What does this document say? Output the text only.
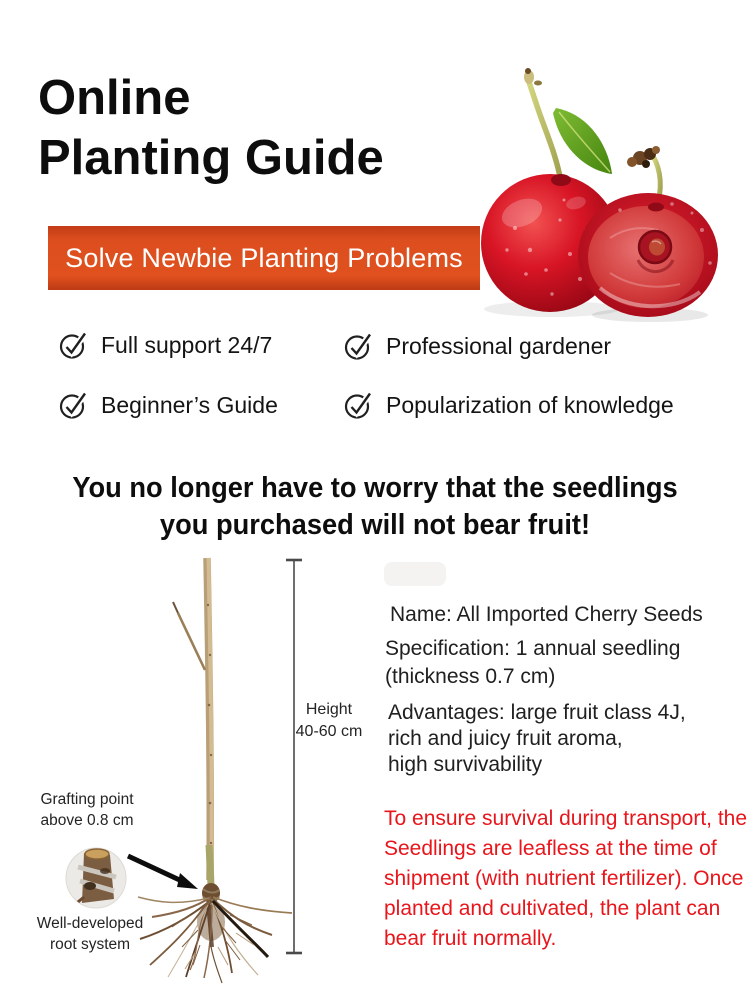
Online
Planting Guide
Solve Newbie Planting Problems
Full support 24/7	Professional gardener
Beginner’s Guide	Popularization of knowledge
You no longer have to worry that the seedlings
you purchased will not bear fruit!
Grafting point
above 0.8 cm
Well-developed
root system
Height
40-60 cm
Name: All Imported Cherry Seeds
Specification: 1 annual seedling
(thickness 0.7 cm)
Advantages: large fruit class 4J,
rich and juicy fruit aroma,
high survivability
To ensure survival during transport, the
Seedlings are leafless at the time of
shipment (with nutrient fertilizer). Once
planted and cultivated, the plant can
bear fruit normally.
